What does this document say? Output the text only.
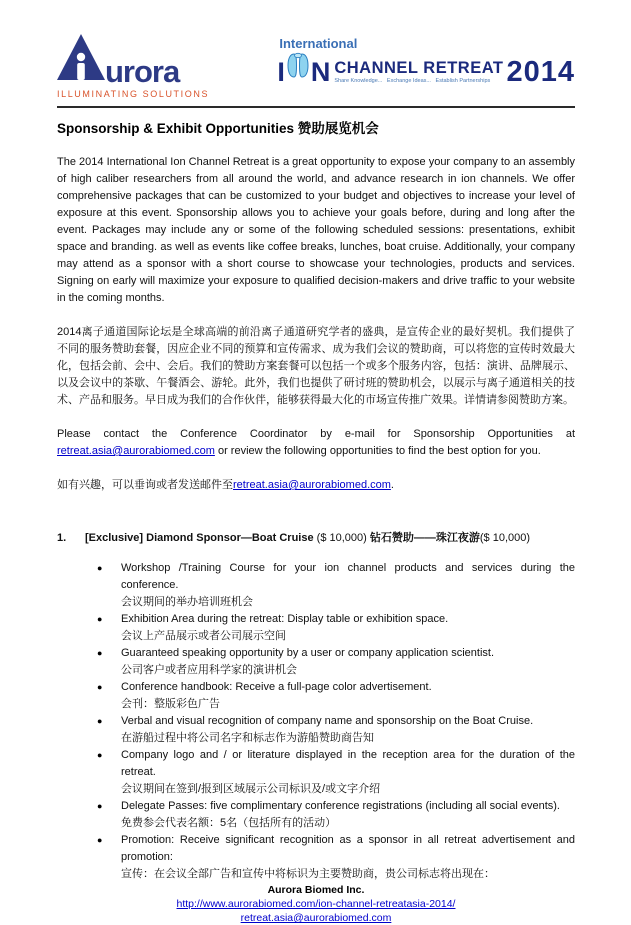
urora
ILLUMINATING SOLUTIONS
International
I N CHANNEL RETREAT
Share Knowledge...   Exchange Ideas...   Establish Partnerships 2014
Sponsorship & Exhibit Opportunities 赞助展览机会
The 2014 International Ion Channel Retreat is a great opportunity to expose your company to an assembly of high caliber researchers from all around the world, and advance research in ion channels. We offer comprehensive packages that can be customized to your budget and objectives to increase your level of exposure at this event. Sponsorship allows you to achieve your goals before, during and long after the event. Packages may include any or some of the following scheduled sessions: presentations, exhibit space and branding. as well as events like coffee breaks, lunches, boat cruise. Additionally, your company may attend as a sponsor with a short course to showcase your technologies, products and services. Signing on early will maximize your exposure to qualified decision-makers and drive traffic to your website in the coming months.
2014离子通道国际论坛是全球高端的前沿离子通道研究学者的盛典，是宣传企业的最好契机。我们提供了不同的服务赞助套餐，因应企业不同的预算和宣传需求、成为我们会议的赞助商，可以将您的宣传时效最大化，包括会前、会中、会后。我们的赞助方案套餐可以包括一个或多个服务内容，包括：演讲、品牌展示、以及会议中的茶歇、午餐酒会、游轮。此外，我们也提供了研讨班的赞助机会，以展示与离子通道相关的技术、产品和服务。早日成为我们的合作伙伴，能够获得最大化的市场宣传推广效果。详情请参阅赞助方案。
Please contact the Conference Coordinator by e-mail for Sponsorship Opportunities at retreat.asia@aurorabiomed.com or review the following opportunities to find the best option for you.
如有兴趣，可以垂询或者发送邮件至retreat.asia@aurorabiomed.com.
1.	[Exclusive] Diamond Sponsor—Boat Cruise ($ 10,000) 钻石赞助——珠江夜游($ 10,000)
●	Workshop /Training Course for your ion channel products and services during the conference.
会议期间的举办培训班机会
●	Exhibition Area during the retreat: Display table or exhibition space.
会议上产品展示或者公司展示空间
●	Guaranteed speaking opportunity by a user or company application scientist.
公司客户或者应用科学家的演讲机会
●	Conference handbook: Receive a full-page color advertisement.
会刊：整版彩色广告
●	Verbal and visual recognition of company name and sponsorship on the Boat Cruise.
在游船过程中将公司名字和标志作为游船赞助商告知
●	Company logo and / or literature displayed in the reception area for the duration of the retreat.
会议期间在签到/报到区域展示公司标识及/或文字介绍
●	Delegate Passes: five complimentary conference registrations (including all social events).
免费参会代表名额：5名（包括所有的活动）
●	Promotion: Receive significant recognition as a sponsor in all retreat advertisement and promotion:
宣传：在会议全部广告和宣传中将标识为主要赞助商，贵公司标志将出现在：
Aurora Biomed Inc.
http://www.aurorabiomed.com/ion-channel-retreatasia-2014/
retreat.asia@aurorabiomed.com
